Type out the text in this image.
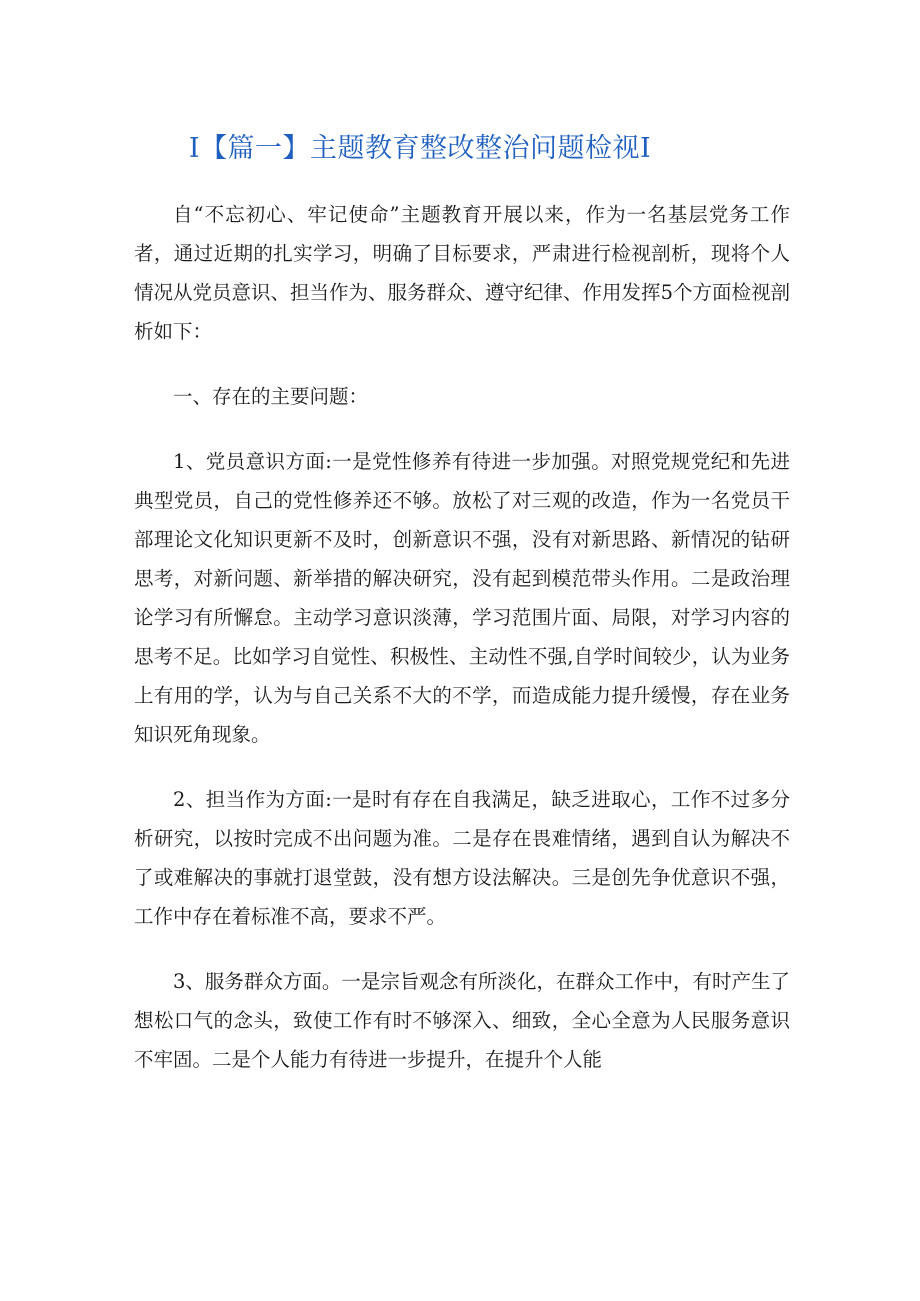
I【篇一】主题教育整改整治问题检视I

自“不忘初心、牢记使命”主题教育开展以来，作为一名基层党务工作者，通过近期的扎实学习，明确了目标要求，严肃进行检视剖析，现将个人情况从党员意识、担当作为、服务群众、遵守纪律、作用发挥5个方面检视剖析如下：

一、存在的主要问题：

1、党员意识方面:一是党性修养有待进一步加强。对照党规党纪和先进典型党员，自己的党性修养还不够。放松了对三观的改造，作为一名党员干部理论文化知识更新不及时，创新意识不强，没有对新思路、新情况的钻研思考，对新问题、新举措的解决研究，没有起到模范带头作用。二是政治理论学习有所懈怠。主动学习意识淡薄，学习范围片面、局限，对学习内容的思考不足。比如学习自觉性、积极性、主动性不强,自学时间较少，认为业务上有用的学，认为与自己关系不大的不学，而造成能力提升缓慢，存在业务知识死角现象。

2、担当作为方面:一是时有存在自我满足，缺乏进取心，工作不过多分析研究，以按时完成不出问题为准。二是存在畏难情绪，遇到自认为解决不了或难解决的事就打退堂鼓，没有想方设法解决。三是创先争优意识不强，工作中存在着标准不高，要求不严。

3、服务群众方面。一是宗旨观念有所淡化，在群众工作中，有时产生了想松口气的念头，致使工作有时不够深入、细致，全心全意为人民服务意识不牢固。二是个人能力有待进一步提升，在提升个人能
